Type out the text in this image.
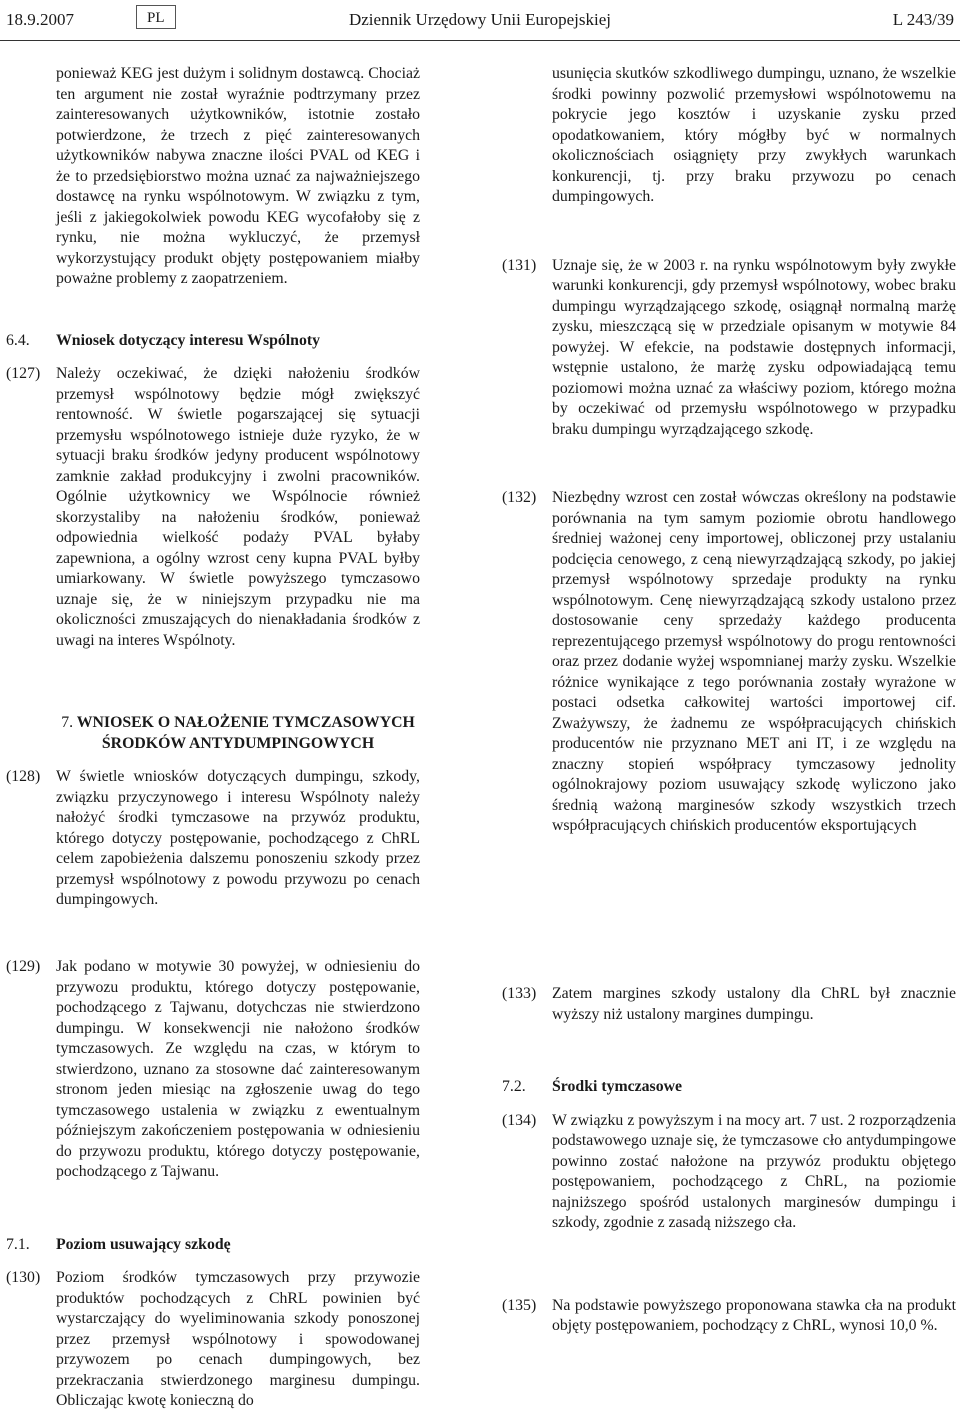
18.9.2007	PL	Dziennik Urzędowy Unii Europejskiej	L 243/39

ponieważ KEG jest dużym i solidnym dostawcą. Chociaż ten argument nie został wyraźnie podtrzymany przez zainteresowanych użytkowników, istotnie zostało potwierdzone, że trzech z pięć zainteresowanych użytkowników nabywa znaczne ilości PVAL od KEG i że to przedsiębiorstwo można uznać za najważniejszego dostawcę na rynku wspólnotowym. W związku z tym, jeśli z jakiegokolwiek powodu KEG wycofałoby się z rynku, nie można wykluczyć, że przemysł wykorzystujący produkt objęty postępowaniem miałby poważne problemy z zaopatrzeniem.

6.4. Wniosek dotyczący interesu Wspólnoty

(127) Należy oczekiwać, że dzięki nałożeniu środków przemysł wspólnotowy będzie mógł zwiększyć rentowność. W świetle pogarszającej się sytuacji przemysłu wspólnotowego istnieje duże ryzyko, że w sytuacji braku środków jedyny producent wspólnotowy zamknie zakład produkcyjny i zwolni pracowników. Ogólnie użytkownicy we Wspólnocie również skorzystaliby na nałożeniu środków, ponieważ odpowiednia wielkość podaży PVAL byłaby zapewniona, a ogólny wzrost ceny kupna PVAL byłby umiarkowany. W świetle powyższego tymczasowo uznaje się, że w niniejszym przypadku nie ma okoliczności zmuszających do nienakładania środków z uwagi na interes Wspólnoty.

7. WNIOSEK O NAŁOŻENIE TYMCZASOWYCH
ŚRODKÓW ANTYDUMPINGOWYCH

(128) W świetle wniosków dotyczących dumpingu, szkody, związku przyczynowego i interesu Wspólnoty należy nałożyć środki tymczasowe na przywóz produktu, którego dotyczy postępowanie, pochodzącego z ChRL celem zapobieżenia dalszemu ponoszeniu szkody przez przemysł wspólnotowy z powodu przywozu po cenach dumpingowych.

usunięcia skutków szkodliwego dumpingu, uznano, że wszelkie środki powinny pozwolić przemysłowi wspólnotowemu na pokrycie jego kosztów i uzyskanie zysku przed opodatkowaniem, który mógłby być w normalnych okolicznościach osiągnięty przy zwykłych warunkach konkurencji, tj. przy braku przywozu po cenach dumpingowych.

(131) Uznaje się, że w 2003 r. na rynku wspólnotowym były zwykłe warunki konkurencji, gdy przemysł wspólnotowy, wobec braku dumpingu wyrządzającego szkodę, osiągnął normalną marżę zysku, mieszczącą się w przedziale opisanym w motywie 84 powyżej. W efekcie, na podstawie dostępnych informacji, wstępnie ustalono, że marżę zysku odpowiadającą temu poziomowi można uznać za właściwy poziom, którego można by oczekiwać od przemysłu wspólnotowego w przypadku braku dumpingu wyrządzającego szkodę.

(132) Niezbędny wzrost cen został wówczas określony na podstawie porównania na tym samym poziomie obrotu handlowego średniej ważonej ceny importowej, obliczonej przy ustalaniu podcięcia cenowego, z ceną niewyrządzającą szkody, po jakiej przemysł wspólnotowy sprzedaje produkty na rynku wspólnotowym. Cenę niewyrządzającą szkody ustalono przez dostosowanie ceny sprzedaży każdego producenta reprezentującego przemysł wspólnotowy do progu rentowności oraz przez dodanie wyżej wspomnianej marży zysku. Wszelkie różnice wynikające z tego porównania zostały wyrażone w postaci odsetka całkowitej wartości importowej cif. Zważywszy, że żadnemu ze współpracujących chińskich producentów nie przyznano MET ani IT, i ze względu na znaczny stopień współpracy tymczasowy jednolity ogólnokrajowy poziom usuwający szkodę wyliczono jako średnią ważoną marginesów szkody wszystkich trzech współpracujących chińskich producentów eksportujących

(129) Jak podano w motywie 30 powyżej, w odniesieniu do przywozu produktu, którego dotyczy postępowanie, pochodzącego z Tajwanu, dotychczas nie stwierdzono dumpingu. W konsekwencji nie nałożono środków tymczasowych. Ze względu na czas, w którym to stwierdzono, uznano za stosowne dać zainteresowanym stronom jeden miesiąc na zgłoszenie uwag do tego tymczasowego ustalenia w związku z ewentualnym późniejszym zakończeniem postępowania w odniesieniu do przywozu produktu, którego dotyczy postępowanie, pochodzącego z Tajwanu.

7.1. Poziom usuwający szkodę

(130) Poziom środków tymczasowych przy przywozie produktów pochodzących z ChRL powinien być wystarczający do wyeliminowania szkody ponoszonej przez przemysł wspólnotowy i spowodowanej przywozem po cenach dumpingowych, bez przekraczania stwierdzonego marginesu dumpingu. Obliczając kwotę konieczną do

(133) Zatem margines szkody ustalony dla ChRL był znacznie wyższy niż ustalony margines dumpingu.

7.2. Środki tymczasowe

(134) W związku z powyższym i na mocy art. 7 ust. 2 rozporządzenia podstawowego uznaje się, że tymczasowe cło antydumpingowe powinno zostać nałożone na przywóz produktu objętego postępowaniem, pochodzącego z ChRL, na poziomie najniższego spośród ustalonych marginesów dumpingu i szkody, zgodnie z zasadą niższego cła.

(135) Na podstawie powyższego proponowana stawka cła na produkt objęty postępowaniem, pochodzący z ChRL, wynosi 10,0 %.
